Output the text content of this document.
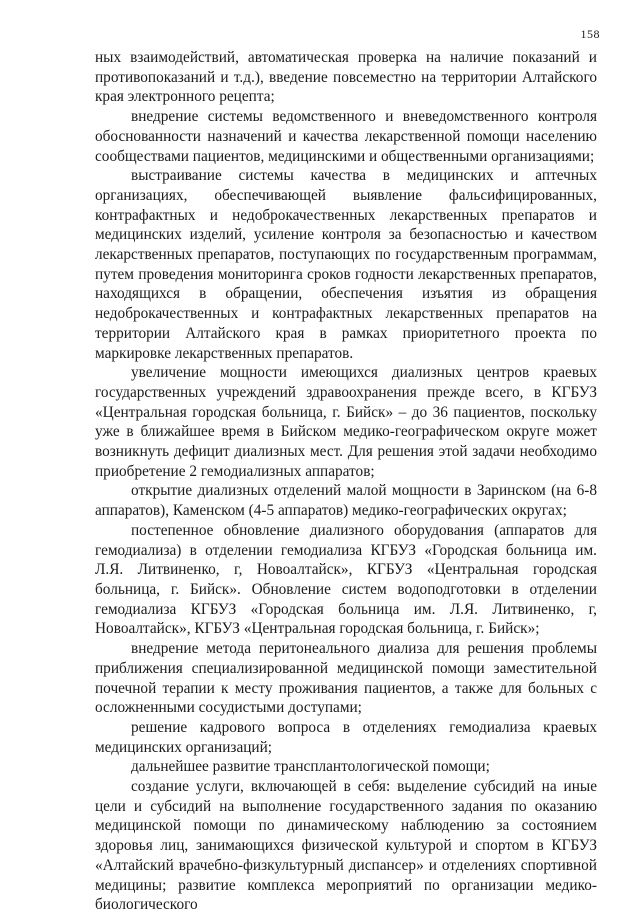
158

ных взаимодействий, автоматическая проверка на наличие показаний и противопоказаний и т.д.), введение повсеместно на территории Алтайского края электронного рецепта;

внедрение системы ведомственного и вневедомственного контроля обоснованности назначений и качества лекарственной помощи населению сообществами пациентов, медицинскими и общественными организациями;

выстраивание системы качества в медицинских и аптечных организациях, обеспечивающей выявление фальсифицированных, контрафактных и недоброкачественных лекарственных препаратов и медицинских изделий, усиление контроля за безопасностью и качеством лекарственных препаратов, поступающих по государственным программам, путем проведения мониторинга сроков годности лекарственных препаратов, находящихся в обращении, обеспечения изъятия из обращения недоброкачественных и контрафактных лекарственных препаратов на территории Алтайского края в рамках приоритетного проекта по маркировке лекарственных препаратов.

увеличение мощности имеющихся диализных центров краевых государственных учреждений здравоохранения прежде всего, в КГБУЗ «Центральная городская больница, г. Бийск» – до 36 пациентов, поскольку уже в ближайшее время в Бийском медико-географическом округе может возникнуть дефицит диализных мест. Для решения этой задачи необходимо приобретение 2 гемодиализных аппаратов;

открытие диализных отделений малой мощности в Заринском (на 6-8 аппаратов), Каменском (4-5 аппаратов) медико-географических округах;

постепенное обновление диализного оборудования (аппаратов для гемодиализа) в отделении гемодиализа КГБУЗ «Городская больница им. Л.Я. Литвиненко, г, Новоалтайск», КГБУЗ «Центральная городская больница, г. Бийск». Обновление систем водоподготовки в отделении гемодиализа КГБУЗ «Городская больница им. Л.Я. Литвиненко, г, Новоалтайск», КГБУЗ «Центральная городская больница, г. Бийск»;

внедрение метода перитонеального диализа для решения проблемы приближения специализированной медицинской помощи заместительной почечной терапии к месту проживания пациентов, а также для больных с осложненными сосудистыми доступами;

решение кадрового вопроса в отделениях гемодиализа краевых медицинских организаций;

дальнейшее развитие трансплантологической помощи;

создание услуги, включающей в себя: выделение субсидий на иные цели и субсидий на выполнение государственного задания по оказанию медицинской помощи по динамическому наблюдению за состоянием здоровья лиц, занимающихся физической культурой и спортом в КГБУЗ «Алтайский врачебно-физкультурный диспансер» и отделениях спортивной медицины; развитие комплекса мероприятий по организации медико-биологического
